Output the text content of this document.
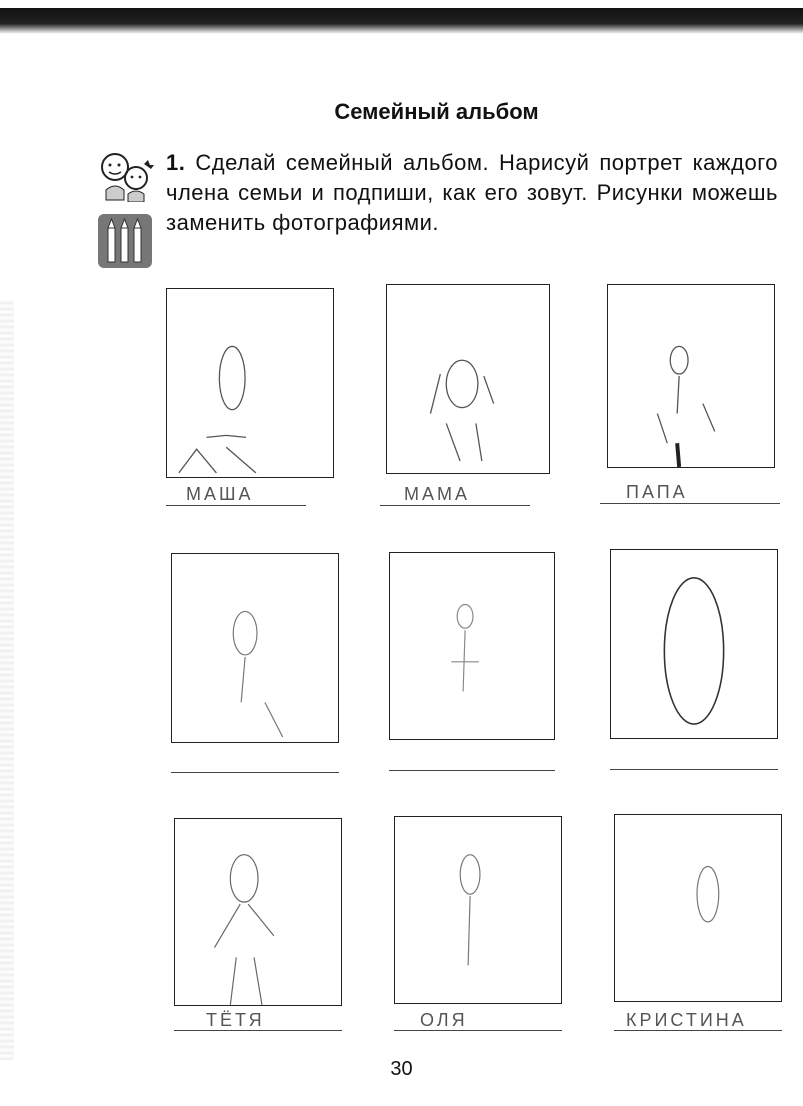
Семейный альбом
1. Сделай семейный альбом. Нарисуй портрет каждого члена семьи и подпиши, как его зовут. Рисунки можешь заменить фотографиями.
МАША	МАМА	ПАПА
ТЁТЯ	ОЛЯ	КРИСТИНА
30
